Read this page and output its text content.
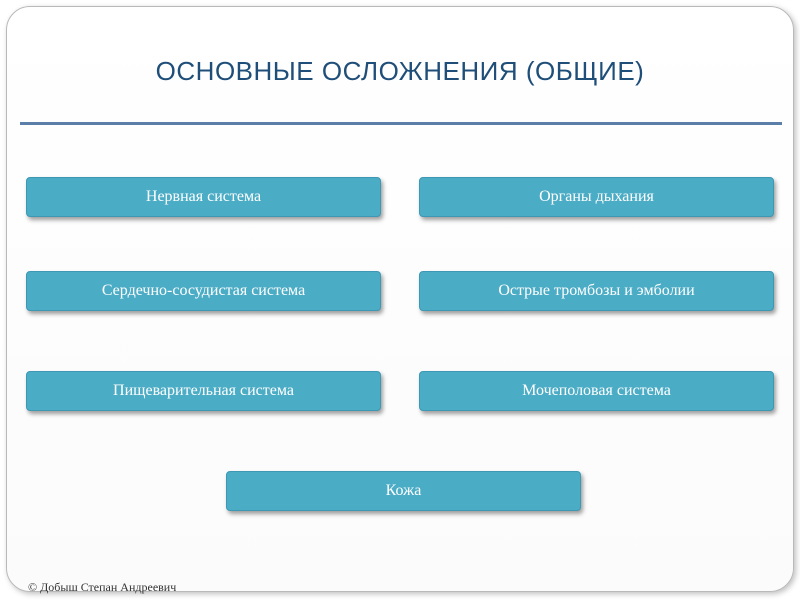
ОСНОВНЫЕ ОСЛОЖНЕНИЯ (ОБЩИЕ)
Нервная система	Органы дыхания
Сердечно-сосудистая система	Острые тромбозы и эмболии
Пищеварительная система	Мочеполовая система
Кожа
© Добыш Степан Андреевич
